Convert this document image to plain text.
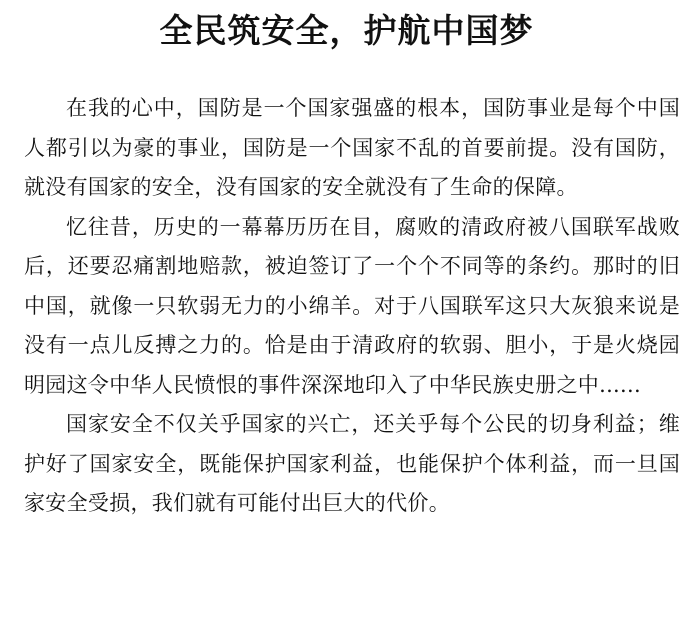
全民筑安全，护航中国梦

在我的心中，国防是一个国家强盛的根本，国防事业是每个中国人都引以为豪的事业，国防是一个国家不乱的首要前提。没有国防，就没有国家的安全，没有国家的安全就没有了生命的保障。

忆往昔，历史的一幕幕历历在目，腐败的清政府被八国联军战败后，还要忍痛割地赔款，被迫签订了一个个不同等的条约。那时的旧中国，就像一只软弱无力的小绵羊。对于八国联军这只大灰狼来说是没有一点儿反搏之力的。恰是由于清政府的软弱、胆小，于是火烧园明园这令中华人民愤恨的事件深深地印入了中华民族史册之中......

国家安全不仅关乎国家的兴亡，还关乎每个公民的切身利益；维护好了国家安全，既能保护国家利益，也能保护个体利益，而一旦国家安全受损，我们就有可能付出巨大的代价。
